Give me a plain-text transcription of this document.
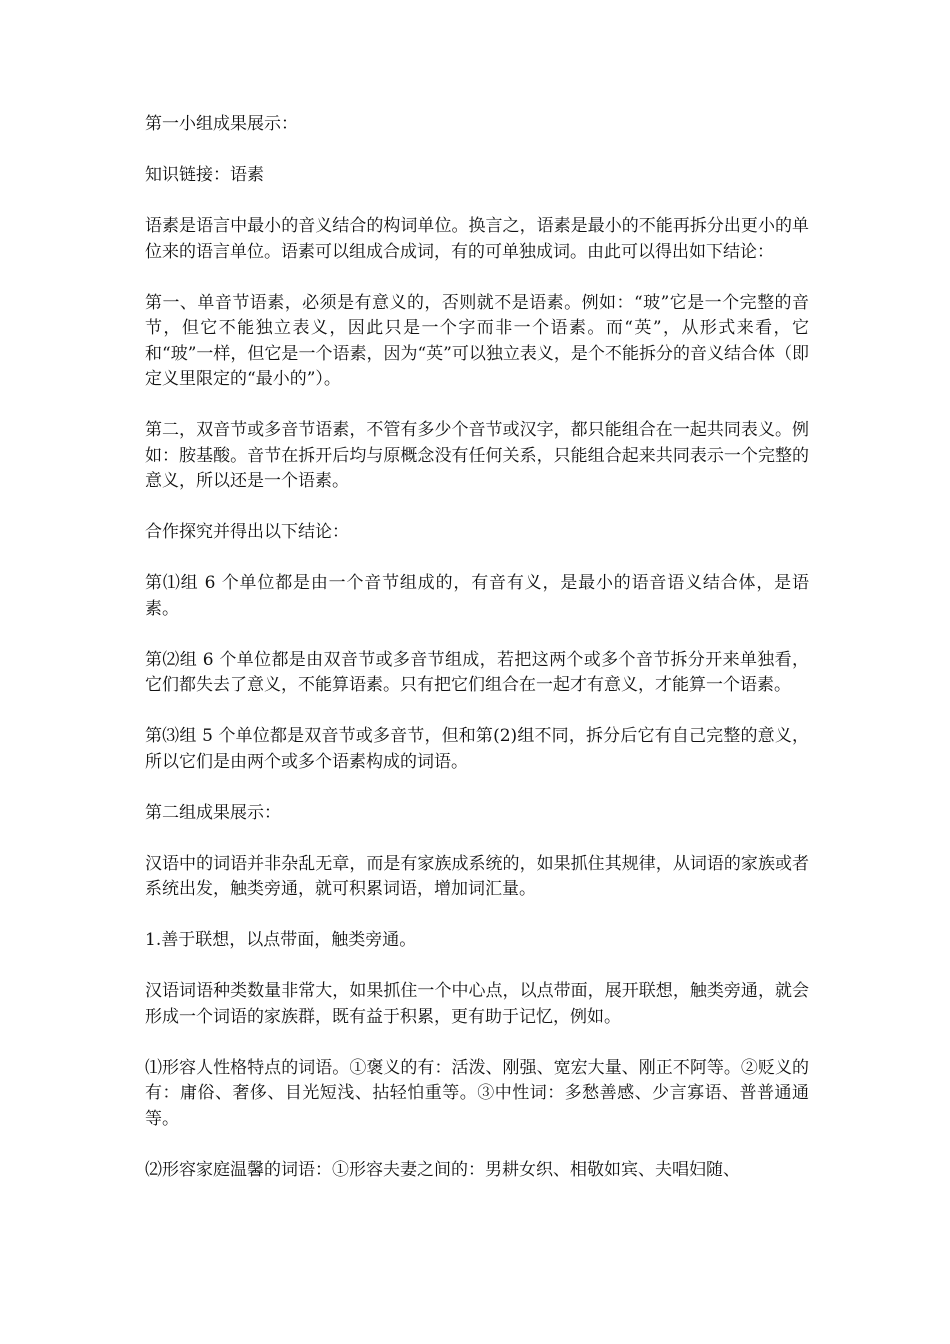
第一小组成果展示：

知识链接：语素

语素是语言中最小的音义结合的构词单位。换言之，语素是最小的不能再拆分出更小的单位来的语言单位。语素可以组成合成词，有的可单独成词。由此可以得出如下结论：

第一、单音节语素，必须是有意义的，否则就不是语素。例如：“玻”它是一个完整的音节，但它不能独立表义，因此只是一个字而非一个语素。而“英”，从形式来看，它和“玻”一样，但它是一个语素，因为“英”可以独立表义，是个不能拆分的音义结合体（即定义里限定的“最小的”）。

第二，双音节或多音节语素，不管有多少个音节或汉字，都只能组合在一起共同表义。例如：胺基酸。音节在拆开后均与原概念没有任何关系，只能组合起来共同表示一个完整的意义，所以还是一个语素。

合作探究并得出以下结论：

第⑴组 6 个单位都是由一个音节组成的，有音有义，是最小的语音语义结合体，是语素。

第⑵组 6 个单位都是由双音节或多音节组成，若把这两个或多个音节拆分开来单独看，它们都失去了意义，不能算语素。只有把它们组合在一起才有意义，才能算一个语素。

第⑶组 5 个单位都是双音节或多音节，但和第(2)组不同，拆分后它有自己完整的意义，所以它们是由两个或多个语素构成的词语。

第二组成果展示：

汉语中的词语并非杂乱无章，而是有家族成系统的，如果抓住其规律，从词语的家族或者系统出发，触类旁通，就可积累词语，增加词汇量。

1.善于联想，以点带面，触类旁通。

汉语词语种类数量非常大，如果抓住一个中心点，以点带面，展开联想，触类旁通，就会形成一个词语的家族群，既有益于积累，更有助于记忆，例如。

⑴形容人性格特点的词语。①褒义的有：活泼、刚强、宽宏大量、刚正不阿等。②贬义的有：庸俗、奢侈、目光短浅、拈轻怕重等。③中性词：多愁善感、少言寡语、普普通通等。

⑵形容家庭温馨的词语：①形容夫妻之间的：男耕女织、相敬如宾、夫唱妇随、
